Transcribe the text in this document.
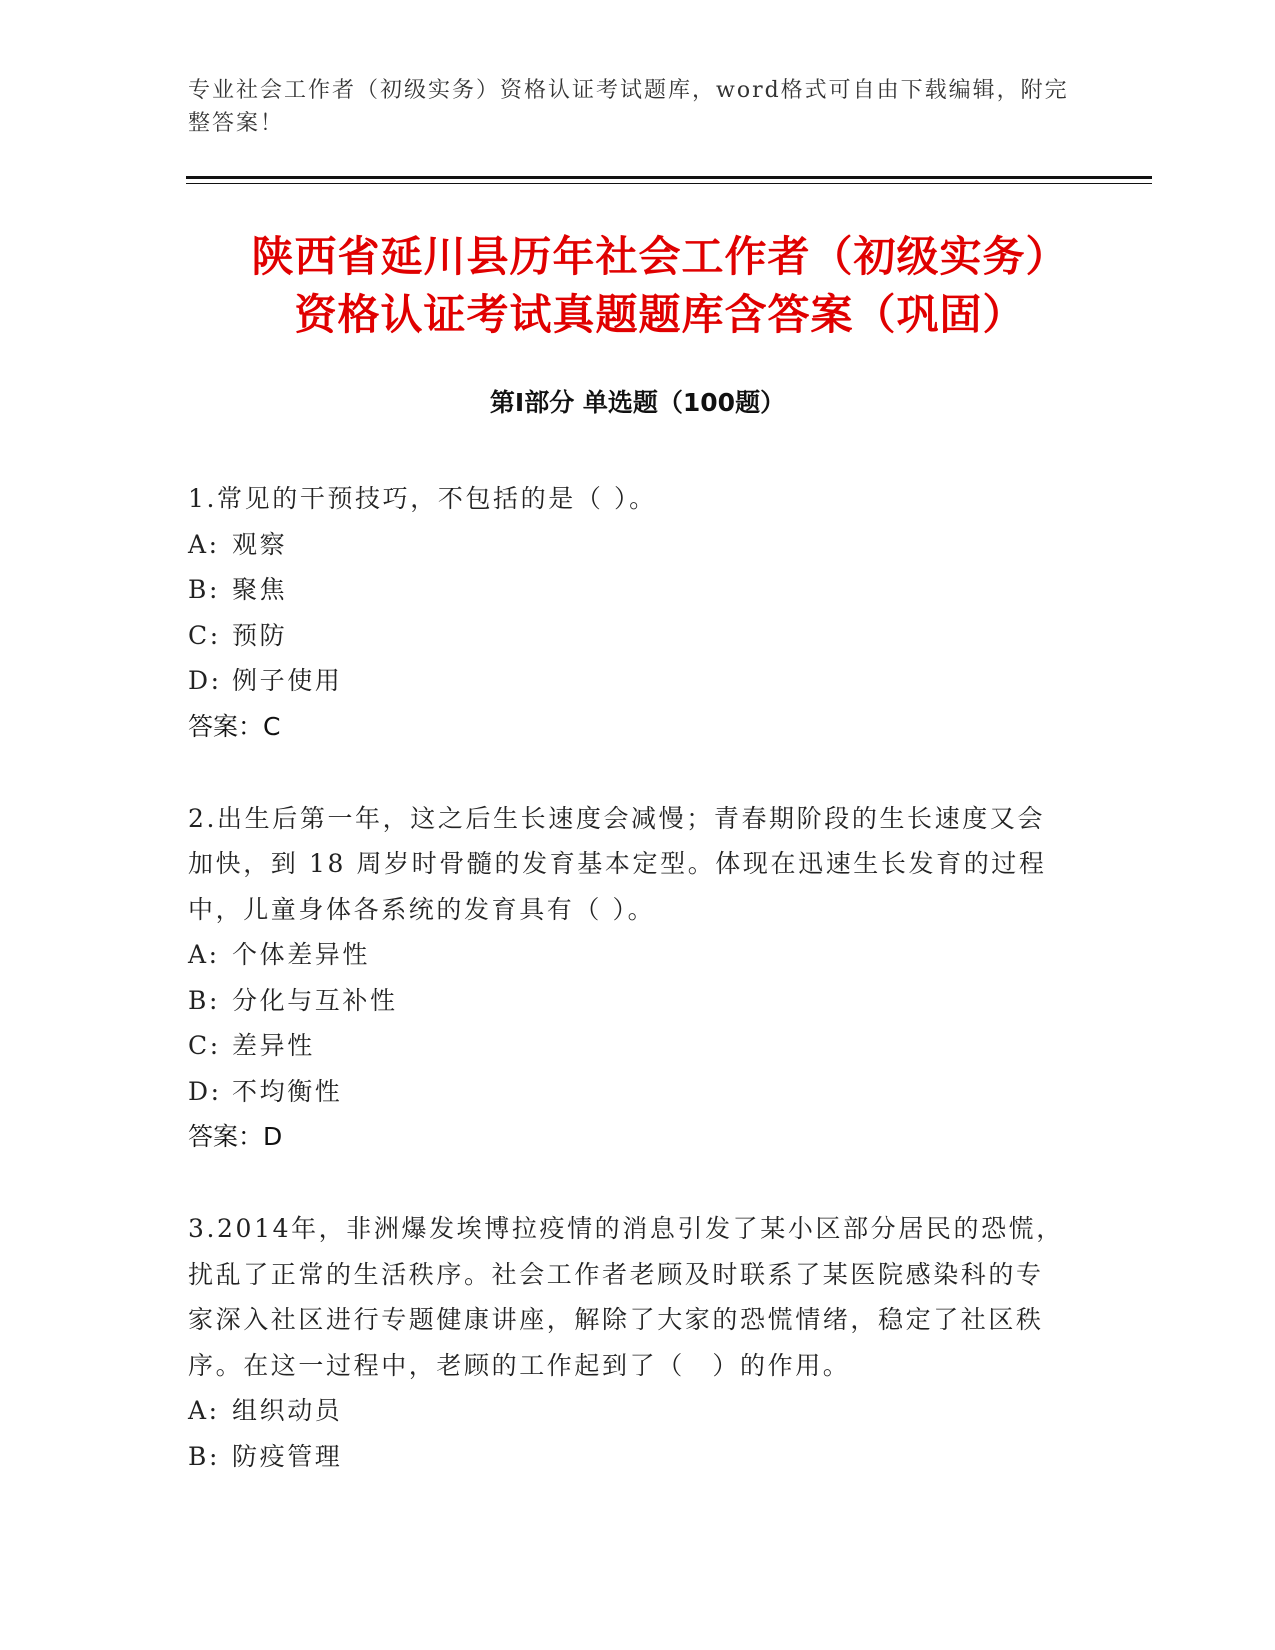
专业社会工作者（初级实务）资格认证考试题库，word格式可自由下载编辑，附完整答案！
陕西省延川县历年社会工作者（初级实务）
资格认证考试真题题库含答案（巩固）
第Ⅰ部分 单选题（100题）

1.常见的干预技巧，不包括的是（ ）。

A: 观察
B: 聚焦
C: 预防
D: 例子使用

答案：C

2.出生后第一年，这之后生长速度会减慢；青春期阶段的生长速度又会加快，到 18 周岁时骨髓的发育基本定型。体现在迅速生长发育的过程中，儿童身体各系统的发育具有（ ）。

A: 个体差异性
B: 分化与互补性
C: 差异性
D: 不均衡性

答案：D

3.2014年，非洲爆发埃博拉疫情的消息引发了某小区部分居民的恐慌，扰乱了正常的生活秩序。社会工作者老顾及时联系了某医院感染科的专家深入社区进行专题健康讲座，解除了大家的恐慌情绪，稳定了社区秩序。在这一过程中，老顾的工作起到了（　）的作用。

A: 组织动员
B: 防疫管理
